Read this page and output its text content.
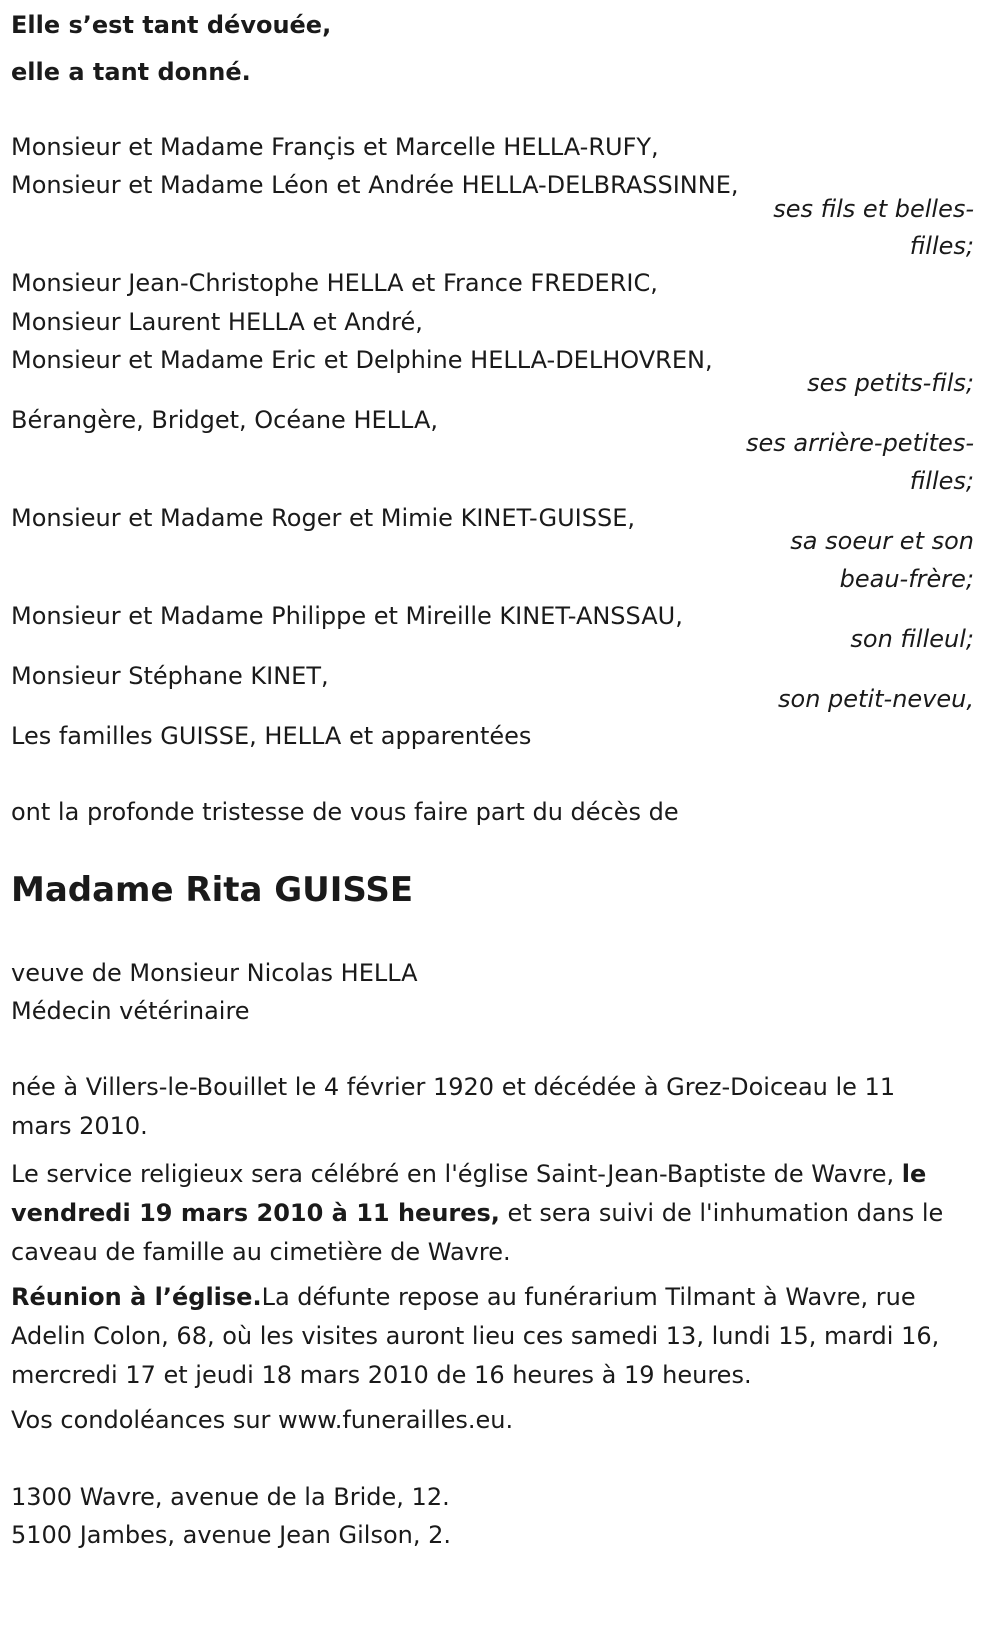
Elle s’est tant dévouée,
elle a tant donné.
Monsieur et Madame Françis et Marcelle HELLA-RUFY,
Monsieur et Madame Léon et Andrée HELLA-DELBRASSINNE,
ses fils et belles-
filles;
Monsieur Jean-Christophe HELLA et France FREDERIC,
Monsieur Laurent HELLA et André,
Monsieur et Madame Eric et Delphine HELLA-DELHOVREN,
ses petits-fils;
Bérangère, Bridget, Océane HELLA,
ses arrière-petites-
filles;
Monsieur et Madame Roger et Mimie KINET-GUISSE,
sa soeur et son
beau-frère;
Monsieur et Madame Philippe et Mireille KINET-ANSSAU,
son filleul;
Monsieur Stéphane KINET,
son petit-neveu,
Les familles GUISSE, HELLA et apparentées
ont la profonde tristesse de vous faire part du décès de
Madame Rita GUISSE
veuve de Monsieur Nicolas HELLA
Médecin vétérinaire
née à Villers-le-Bouillet le 4 février 1920 et décédée à Grez-Doiceau le 11 mars 2010.
Le service religieux sera célébré en l'église Saint-Jean-Baptiste de Wavre, le vendredi 19 mars 2010 à 11 heures, et sera suivi de l'inhumation dans le caveau de famille au cimetière de Wavre.
Réunion à l’église.La défunte repose au funérarium Tilmant à Wavre, rue Adelin Colon, 68, où les visites auront lieu ces samedi 13, lundi 15, mardi 16, mercredi 17 et jeudi 18 mars 2010 de 16 heures à 19 heures.
Vos condoléances sur www.funerailles.eu.
1300 Wavre, avenue de la Bride, 12.
5100 Jambes, avenue Jean Gilson, 2.
